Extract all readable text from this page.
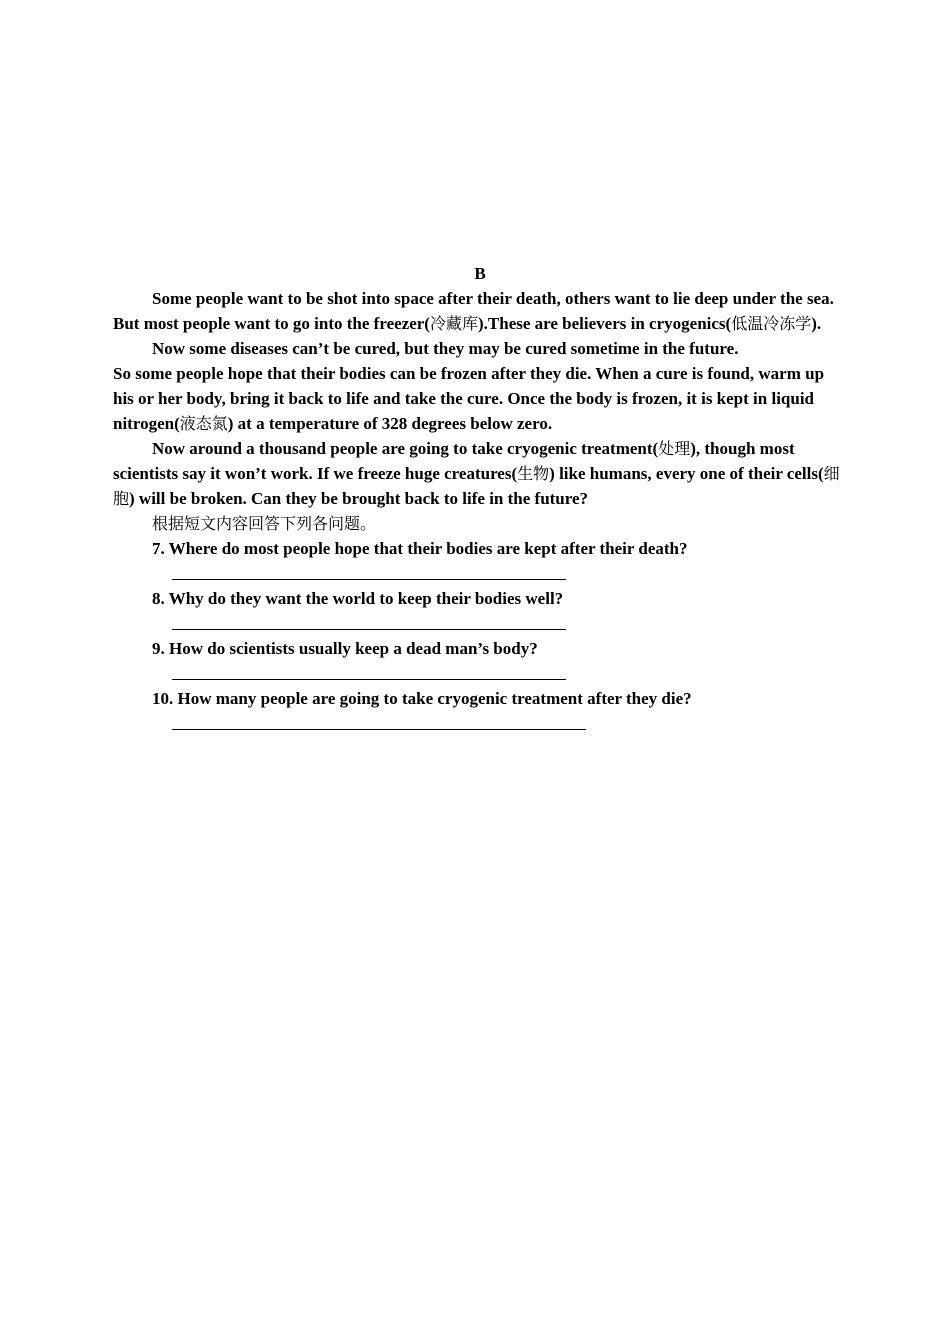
B

Some people want to be shot into space after their death, others want to lie deep under the sea. But most people want to go into the freezer(冷藏库).These are believers in cryogenics(低温冷冻学).

Now some diseases can’t be cured, but they may be cured sometime in the future.

So some people hope that their bodies can be frozen after they die. When a cure is found, warm up his or her body, bring it back to life and take the cure. Once the body is frozen, it is kept in liquid nitrogen(液态氮) at a temperature of 328 degrees below zero.

Now around a thousand people are going to take cryogenic treatment(处理), though most scientists say it won’t work. If we freeze huge creatures(生物) like humans, every one of their cells(细胞) will be broken. Can they be brought back to life in the future?

根据短文内容回答下列各问题。

7. Where do most people hope that their bodies are kept after their death?

8. Why do they want the world to keep their bodies well?

9. How do scientists usually keep a dead man’s body?

10. How many people are going to take cryogenic treatment after they die?
